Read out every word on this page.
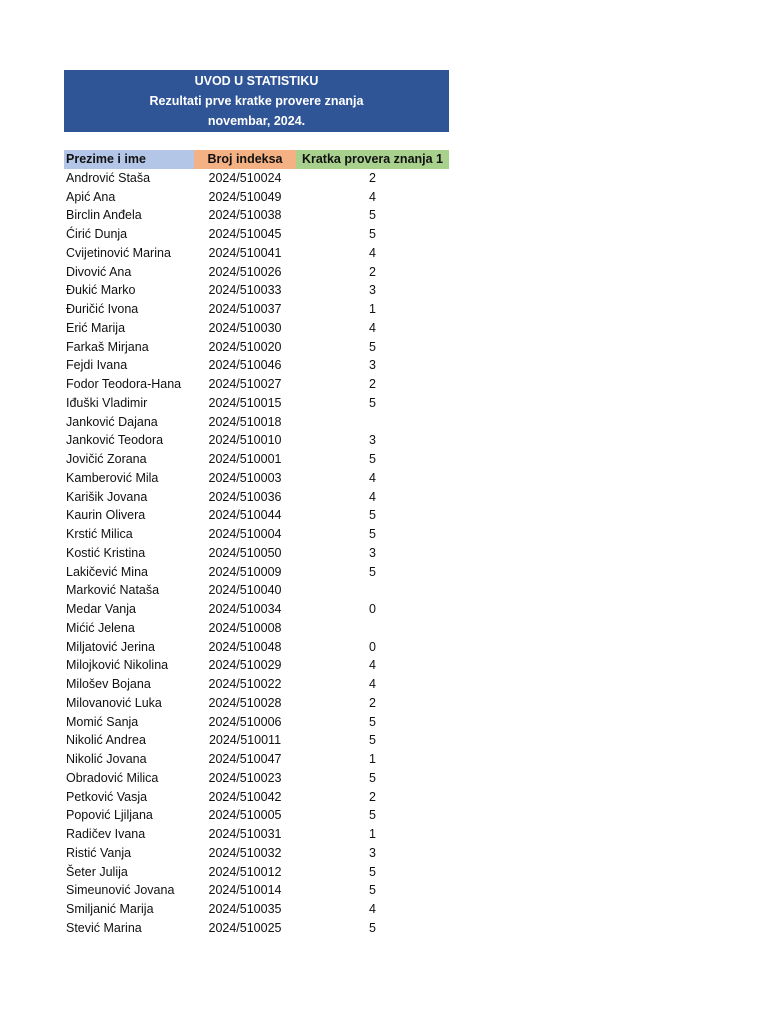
UVOD U STATISTIKU
Rezultati prve kratke provere znanja
novembar, 2024.
Prezime i ime	Broj indeksa	Kratka provera znanja 1
Andrović Staša	2024/510024	2
Apić Ana	2024/510049	4
Birclin Anđela	2024/510038	5
Ćirić Dunja	2024/510045	5
Cvijetinović Marina	2024/510041	4
Divović Ana	2024/510026	2
Đukić Marko	2024/510033	3
Đuričić Ivona	2024/510037	1
Erić Marija	2024/510030	4
Farkaš Mirjana	2024/510020	5
Fejdi Ivana	2024/510046	3
Fodor Teodora-Hana	2024/510027	2
Iđuški Vladimir	2024/510015	5
Janković Dajana	2024/510018
Janković Teodora	2024/510010	3
Jovičić Zorana	2024/510001	5
Kamberović Mila	2024/510003	4
Karišik Jovana	2024/510036	4
Kaurin Olivera	2024/510044	5
Krstić Milica	2024/510004	5
Kostić Kristina	2024/510050	3
Lakičević Mina	2024/510009	5
Marković Nataša	2024/510040
Medar Vanja	2024/510034	0
Mićić Jelena	2024/510008
Miljatović Jerina	2024/510048	0
Milojković Nikolina	2024/510029	4
Milošev Bojana	2024/510022	4
Milovanović Luka	2024/510028	2
Momić Sanja	2024/510006	5
Nikolić Andrea	2024/510011	5
Nikolić Jovana	2024/510047	1
Obradović Milica	2024/510023	5
Petković Vasja	2024/510042	2
Popović Ljiljana	2024/510005	5
Radičev Ivana	2024/510031	1
Ristić Vanja	2024/510032	3
Šeter Julija	2024/510012	5
Simeunović Jovana	2024/510014	5
Smiljanić Marija	2024/510035	4
Stević Marina	2024/510025	5
